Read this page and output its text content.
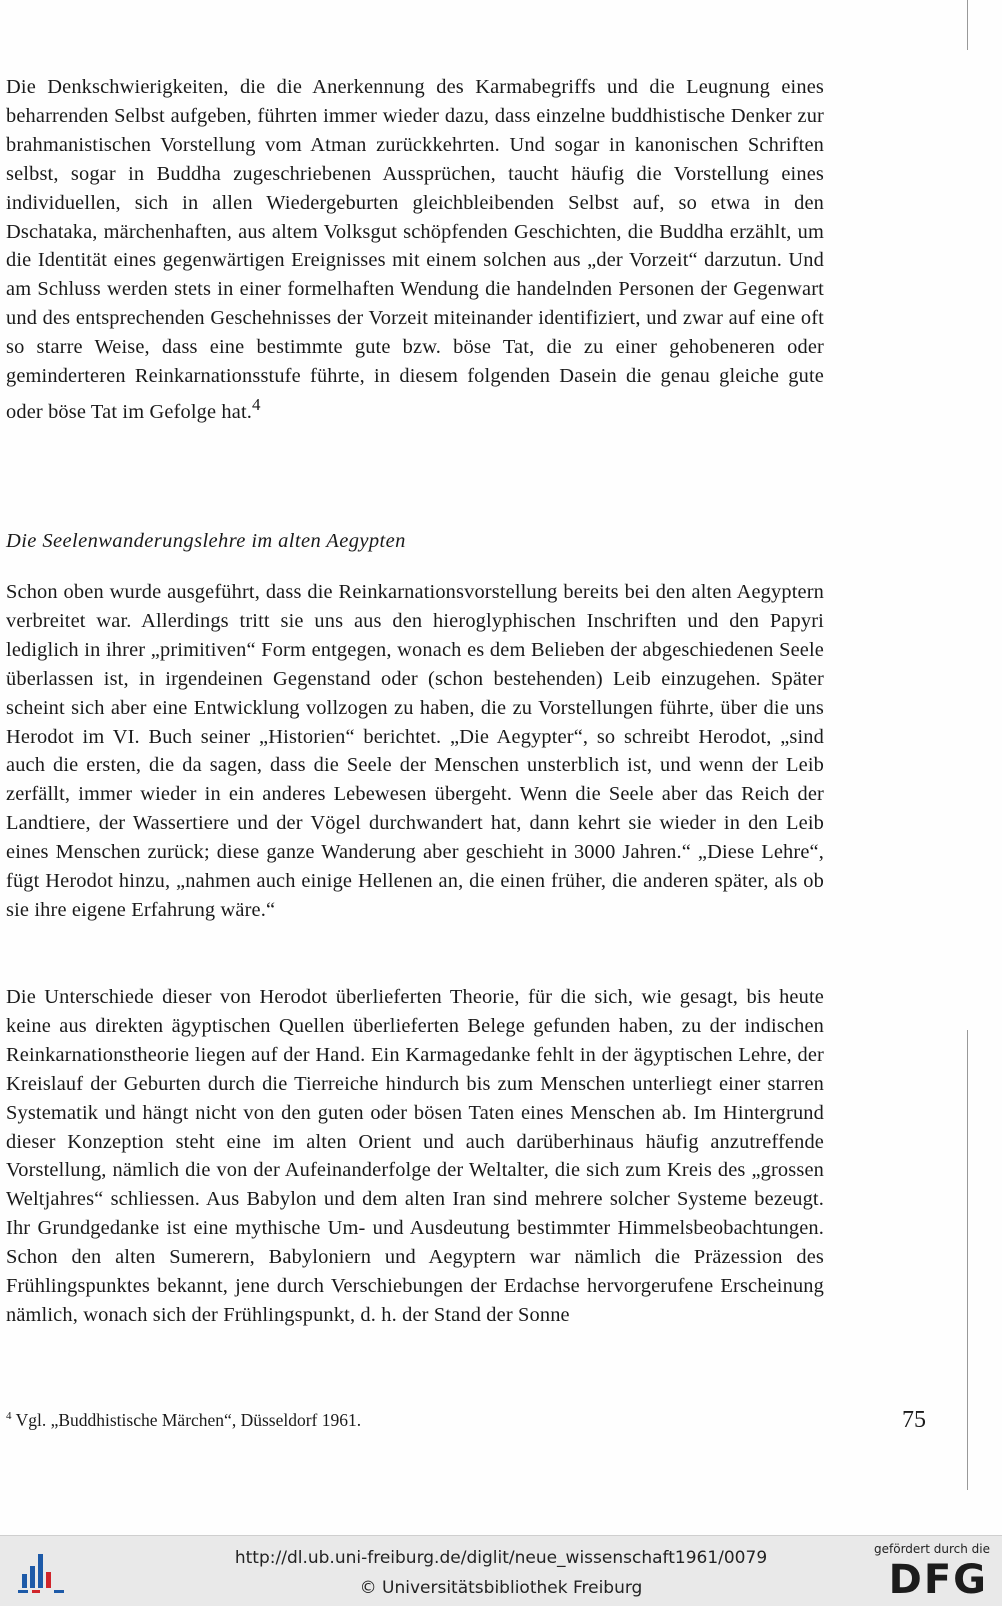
Die Denkschwierigkeiten, die die Anerkennung des Karmabegriffs und die Leugnung eines beharrenden Selbst aufgeben, führten immer wieder dazu, dass einzelne buddhistische Denker zur brahmanistischen Vorstellung vom Atman zurückkehrten. Und sogar in kanonischen Schriften selbst, sogar in Buddha zugeschriebenen Aussprüchen, taucht häufig die Vorstellung eines individuellen, sich in allen Wiedergeburten gleichbleibenden Selbst auf, so etwa in den Dschataka, märchenhaften, aus altem Volksgut schöpfenden Geschichten, die Buddha erzählt, um die Identität eines gegenwärtigen Ereignisses mit einem solchen aus „der Vorzeit“ darzutun. Und am Schluss werden stets in einer formelhaften Wendung die handelnden Personen der Gegenwart und des entsprechenden Geschehnisses der Vorzeit miteinander identifiziert, und zwar auf eine oft so starre Weise, dass eine bestimmte gute bzw. böse Tat, die zu einer gehobeneren oder geminderteren Reinkarnationsstufe führte, in diesem folgenden Dasein die genau gleiche gute oder böse Tat im Gefolge hat.$^4$

Die Seelenwanderungslehre im alten Aegypten

Schon oben wurde ausgeführt, dass die Reinkarnationsvorstellung bereits bei den alten Aegyptern verbreitet war. Allerdings tritt sie uns aus den hieroglyphischen Inschriften und den Papyri lediglich in ihrer „primitiven“ Form entgegen, wonach es dem Belieben der abgeschiedenen Seele überlassen ist, in irgendeinen Gegenstand oder (schon bestehenden) Leib einzugehen. Später scheint sich aber eine Entwicklung vollzogen zu haben, die zu Vorstellungen führte, über die uns Herodot im VI. Buch seiner „Historien“ berichtet. „Die Aegypter“, so schreibt Herodot, „sind auch die ersten, die da sagen, dass die Seele der Menschen unsterblich ist, und wenn der Leib zerfällt, immer wieder in ein anderes Lebewesen übergeht. Wenn die Seele aber das Reich der Landtiere, der Wassertiere und der Vögel durchwandert hat, dann kehrt sie wieder in den Leib eines Menschen zurück; diese ganze Wanderung aber geschieht in 3000 Jahren.“ „Diese Lehre“, fügt Herodot hinzu, „nahmen auch einige Hellenen an, die einen früher, die anderen später, als ob sie ihre eigene Erfahrung wäre.“

Die Unterschiede dieser von Herodot überlieferten Theorie, für die sich, wie gesagt, bis heute keine aus direkten ägyptischen Quellen überlieferten Belege gefunden haben, zu der indischen Reinkarnationstheorie liegen auf der Hand. Ein Karmagedanke fehlt in der ägyptischen Lehre, der Kreislauf der Geburten durch die Tierreiche hindurch bis zum Menschen unterliegt einer starren Systematik und hängt nicht von den guten oder bösen Taten eines Menschen ab. Im Hintergrund dieser Konzeption steht eine im alten Orient und auch darüberhinaus häufig anzutreffende Vorstellung, nämlich die von der Aufeinanderfolge der Weltalter, die sich zum Kreis des „grossen Weltjahres“ schliessen. Aus Babylon und dem alten Iran sind mehrere solcher Systeme bezeugt. Ihr Grundgedanke ist eine mythische Um- und Ausdeutung bestimmter Himmelsbeobachtungen. Schon den alten Sumerern, Babyloniern und Aegyptern war nämlich die Präzession des Frühlingspunktes bekannt, jene durch Verschiebungen der Erdachse hervorgerufene Erscheinung nämlich, wonach sich der Frühlingspunkt, d. h. der Stand der Sonne

$^4$ Vgl. „Buddhistische Märchen“, Düsseldorf 1961.	75

http://dl.ub.uni-freiburg.de/diglit/neue_wissenschaft1961/0079
© Universitätsbibliothek Freiburg
gefördert durch die
DFG
